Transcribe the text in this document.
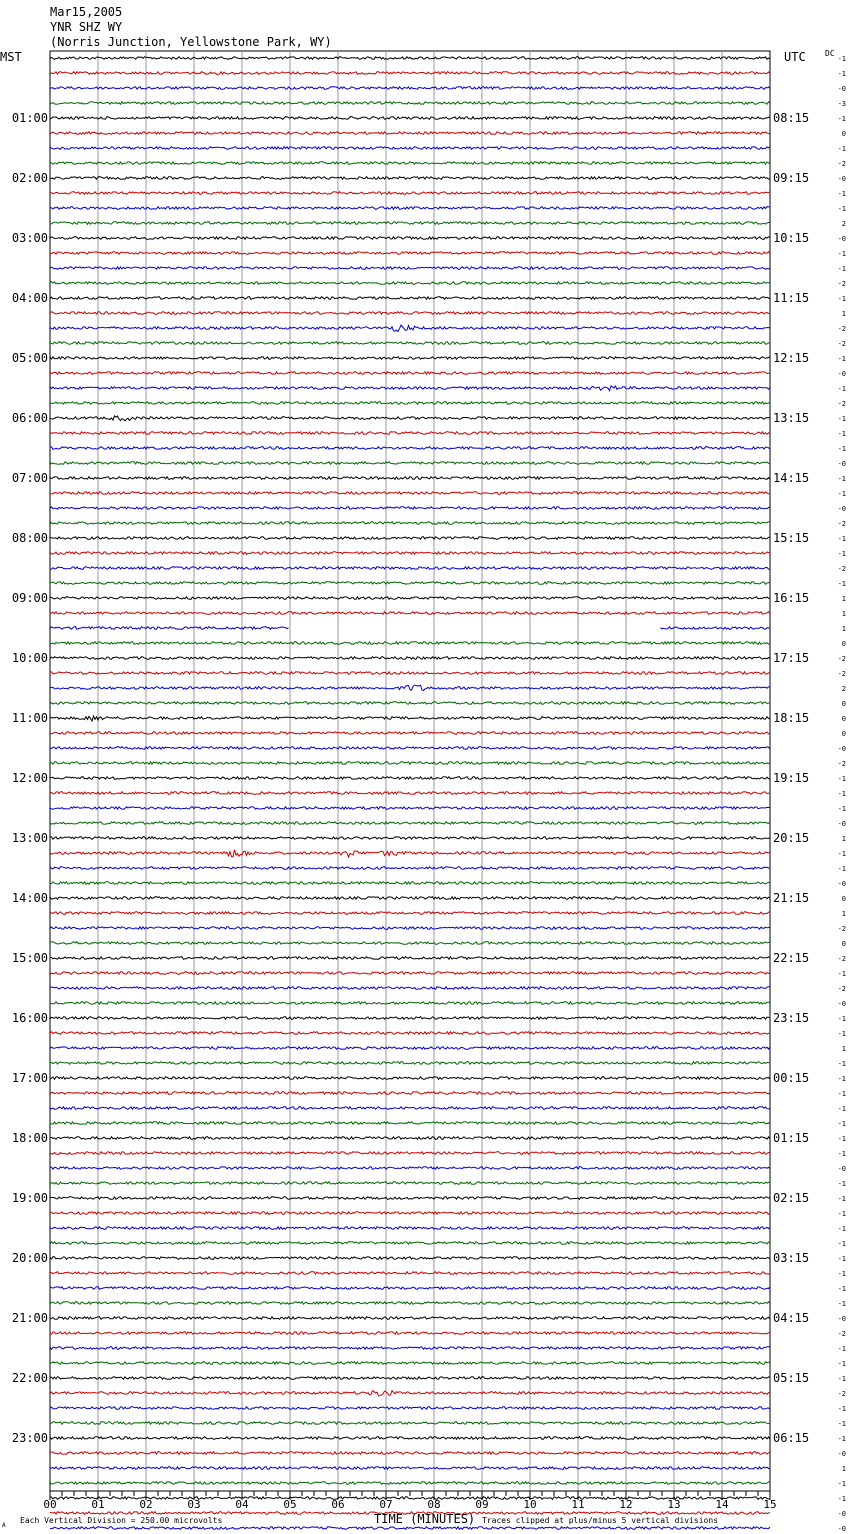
00	01	02	03	04	05	06	07	08	09	10	11	12	13	14	15
-1
-1
-0
-3
-1
0
-1
-2
-0
-1
-1
2
-0
-1
-1
-2
-1
1
-2
-2
-1
-0
-1
-2
-1
-1
-1
-0
-1
-1
-0
-2
-1
-1
-2
-1
1
1
1
0
-2
-2
2
0
0
0
-0
-2
-1
-1
-1
-0
1
-1
-1
-0
0
1
-2
0
-2
-1
-2
-0
-1
-1
1
-1
-1
-1
-1
-1
-1
-1
-0
-1
-1
-1
-1
-1
-1
-1
-1
-1
-0
-2
-1
-1
-1
-2
-1
-1
-1
-0
1
-1
-1
-0
-0
01:00	08:15
02:00	09:15
03:00	10:15
04:00	11:15
05:00	12:15
06:00	13:15
07:00	14:15
08:00	15:15
09:00	16:15
10:00	17:15
11:00	18:15
12:00	19:15
13:00	20:15
14:00	21:15
15:00	22:15
16:00	23:15
17:00	00:15
18:00	01:15
19:00	02:15
20:00	03:15
21:00	04:15
22:00	05:15
23:00	06:15
Mar15,2005
YNR SHZ WY
(Norris Junction, Yellowstone Park, WY)
MST	UTC DC
TIME (MINUTES)
A
Each Vertical Division = 250.00 microvolts	Traces clipped at plus/minus 5 vertical divisions
